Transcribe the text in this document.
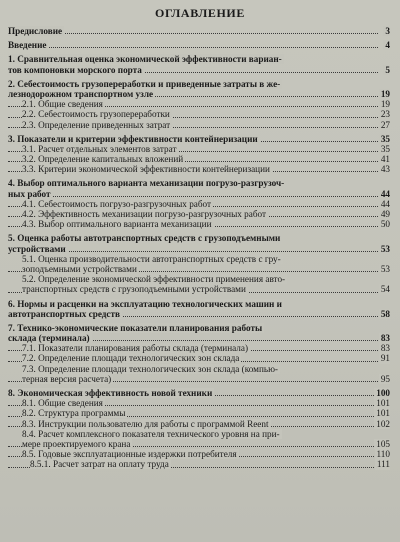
ОГЛАВЛЕНИЕ
Предисловие	3
Введение	4
1. Сравнительная оценка экономической эффективности вариан-
тов компоновки морского порта	5
2. Себестоимость грузопереработки и приведенные затраты в же-
лезнодорожном транспортном узле	19
2.1. Общие сведения	19
2.2. Себестоимость грузопереработки	23
2.3. Определение приведенных затрат	27
3. Показатели и критерии эффективности контейнеризации	35
3.1. Расчет отдельных элементов затрат	35
3.2. Определение капитальных вложений	41
3.3. Критерии экономической эффективности контейнеризации	43
4. Выбор оптимального варианта механизации погрузо-разгрузоч-
ных работ	44
4.1. Себестоимость погрузо-разгрузочных работ	44
4.2. Эффективность механизации погрузо-разгрузочных работ	49
4.3. Выбор оптимального варианта механизации	50
5. Оценка работы автотранспортных средств с грузоподъемными
устройствами	53
5.1. Оценка производительности автотранспортных средств с гру-
зоподъемными устройствами	53
5.2. Определение экономической эффективности применения авто-
транспортных средств с грузоподъемными устройствами	54
6. Нормы и расценки на эксплуатацию технологических машин и
автотранспортных средств	58
7. Технико-экономические показатели планирования работы
склада (терминала)	83
7.1. Показатели планирования работы склада (терминала)	83
7.2. Определение площади технологических зон склада	91
7.3. Определение площади технологических зон склада (компью-
терная версия расчета)	95
8. Экономическая эффективность новой техники	100
8.1. Общие сведения	101
8.2. Структура программы	101
8.3. Инструкции пользователю для работы с программой Reent	102
8.4. Расчет комплексного показателя технического уровня на при-
мере проектируемого крана	105
8.5. Годовые эксплуатационные издержки потребителя	110
8.5.1. Расчет затрат на оплату труда	111
